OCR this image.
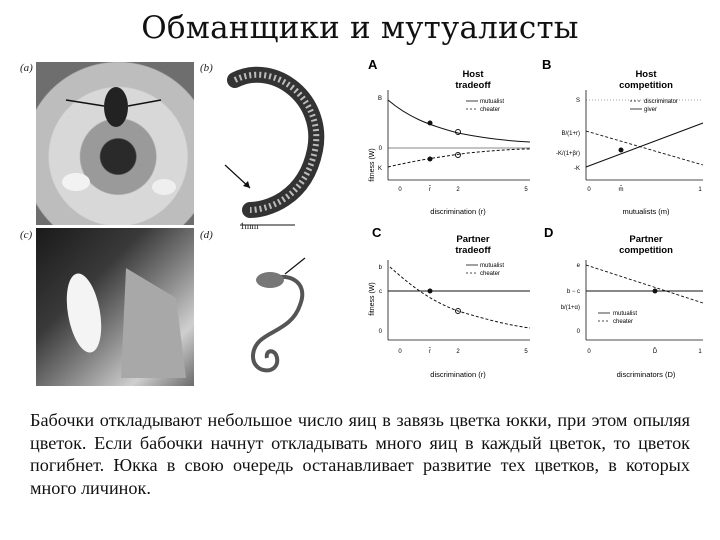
Обманщики и мутуалисты
(a)	(b)
1mm
(c)	(d)
A
Host
tradeoff
fitness (W)
mutualist
cheater
B
0
K
0	r̂	2	5
discrimination (r)
B
Host
competition
discriminator
giver
S
B/(1+r)
-K/(1+βr)
-K
0	m̂	1
mutualists (m)
C	Partner
tradeoff
fitness (W)
mutualist
cheater
b
c
0
0	r̂	2	5
discrimination (r)
D	Partner
competition
mutualist
cheater
e
b − c
b/(1+α)
0
0	D̂	1
discriminators (D)
Бабочки откладывают небольшое число яиц в завязь цветка юкки, при этом опыляя цветок. Если бабочки начнут откладывать много яиц в каждый цветок, то цветок погибнет. Юкка в свою очередь останавливает развитие тех цветков, в которых много личинок.
